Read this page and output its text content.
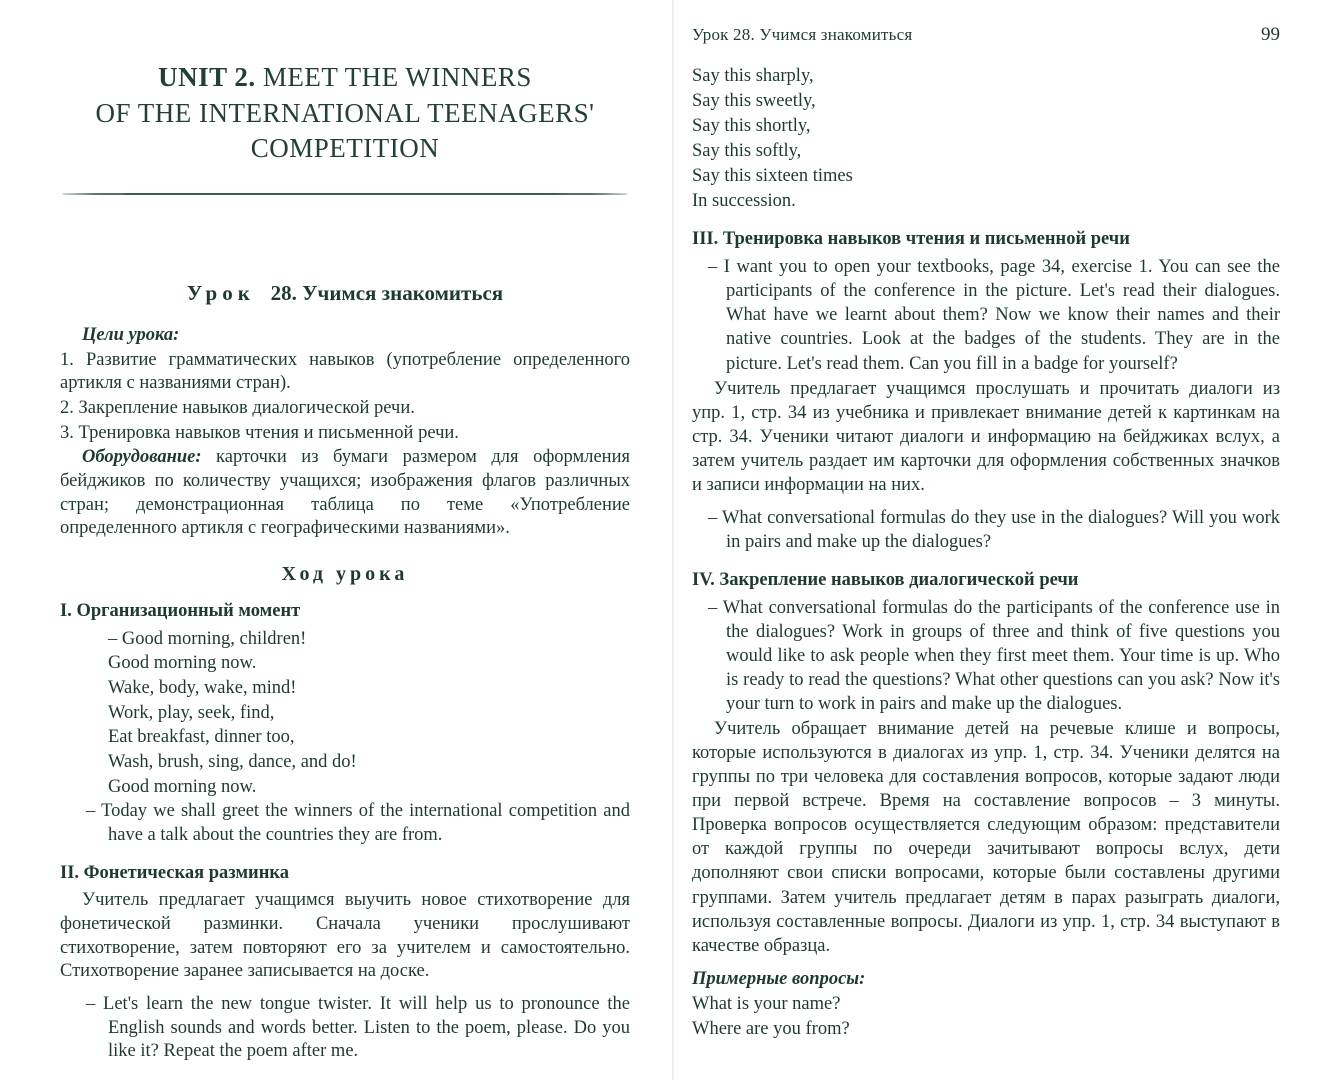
UNIT 2. MEET THE WINNERS
OF THE INTERNATIONAL TEENAGERS'
COMPETITION
Урок 28. Учимся знакомиться

Цели урока:

1. Развитие грамматических навыков (употребление определенного артикля с названиями стран).

2. Закрепление навыков диалогической речи.

3. Тренировка навыков чтения и письменной речи.

Оборудование: карточки из бумаги размером для оформления бейджиков по количеству учащихся; изображения флагов различных стран; демонстрационная таблица по теме «Употребление определенного артикля с географическими названиями».

Ход урока

I. Организационный момент

– Good morning, children!

Good morning now.

Wake, body, wake, mind!

Work, play, seek, find,

Eat breakfast, dinner too,

Wash, brush, sing, dance, and do!

Good morning now.

– Today we shall greet the winners of the international competition and have a talk about the countries they are from.

II. Фонетическая разминка

Учитель предлагает учащимся выучить новое стихотворение для фонетической разминки. Сначала ученики прослушивают стихотворение, затем повторяют его за учителем и самостоятельно. Стихотворение заранее записывается на доске.

– Let's learn the new tongue twister. It will help us to pronounce the English sounds and words better. Listen to the poem, please. Do you like it? Repeat the poem after me.

Урок 28. Учимся знакомиться	99

Say this sharply,

Say this sweetly,

Say this shortly,

Say this softly,

Say this sixteen times

In succession.

III. Тренировка навыков чтения и письменной речи

– I want you to open your textbooks, page 34, exercise 1. You can see the participants of the conference in the picture. Let's read their dialogues. What have we learnt about them? Now we know their names and their native countries. Look at the badges of the students. They are in the picture. Let's read them. Can you fill in a badge for yourself?

Учитель предлагает учащимся прослушать и прочитать диалоги из упр. 1, стр. 34 из учебника и привлекает внимание детей к картинкам на стр. 34. Ученики читают диалоги и информацию на бейджиках вслух, а затем учитель раздает им карточки для оформления собственных значков и записи информации на них.

– What conversational formulas do they use in the dialogues? Will you work in pairs and make up the dialogues?

IV. Закрепление навыков диалогической речи

– What conversational formulas do the participants of the conference use in the dialogues? Work in groups of three and think of five questions you would like to ask people when they first meet them. Your time is up. Who is ready to read the questions? What other questions can you ask? Now it's your turn to work in pairs and make up the dialogues.

Учитель обращает внимание детей на речевые клише и вопросы, которые используются в диалогах из упр. 1, стр. 34. Ученики делятся на группы по три человека для составления вопросов, которые задают люди при первой встрече. Время на составление вопросов – 3 минуты. Проверка вопросов осуществляется следующим образом: представители от каждой группы по очереди зачитывают вопросы вслух, дети дополняют свои списки вопросами, которые были составлены другими группами. Затем учитель предлагает детям в парах разыграть диалоги, используя составленные вопросы. Диалоги из упр. 1, стр. 34 выступают в качестве образца.

Примерные вопросы:

What is your name?

Where are you from?
